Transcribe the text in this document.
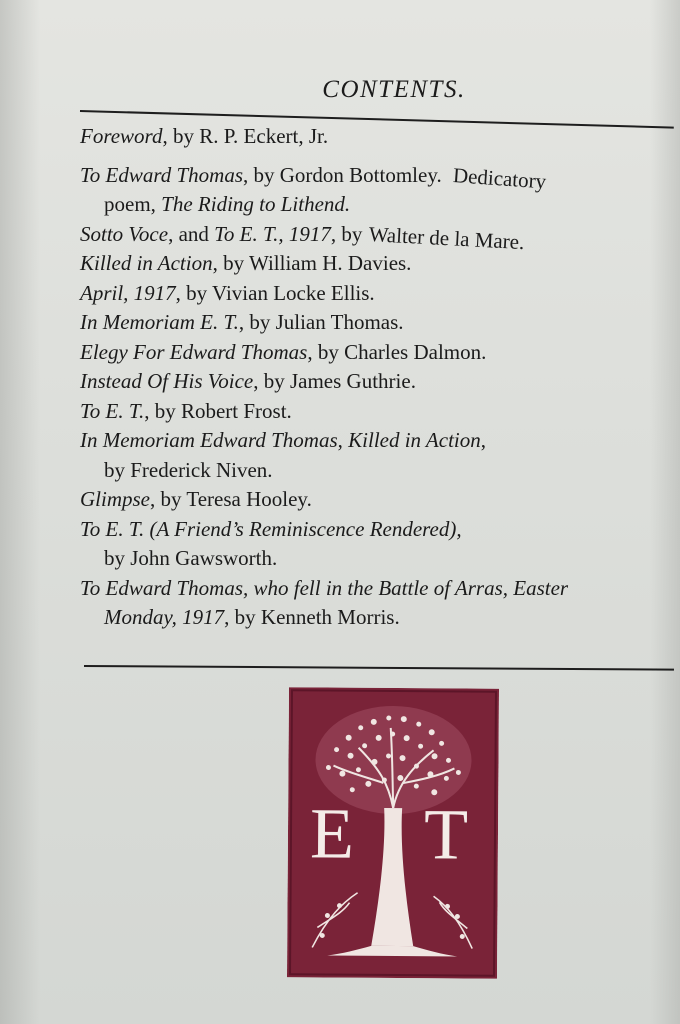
CONTENTS.
Foreword, by R. P. Eckert, Jr.
To Edward Thomas, by Gordon Bottomley. Dedicatory
poem, The Riding to Lithend.
Sotto Voce, and To E. T., 1917, by Walter de la Mare.
Killed in Action, by William H. Davies.
April, 1917, by Vivian Locke Ellis.
In Memoriam E. T., by Julian Thomas.
Elegy For Edward Thomas, by Charles Dalmon.
Instead Of His Voice, by James Guthrie.
To E. T., by Robert Frost.
In Memoriam Edward Thomas, Killed in Action,
by Frederick Niven.
Glimpse, by Teresa Hooley.
To E. T. (A Friend’s Reminiscence Rendered),
by John Gawsworth.
To Edward Thomas, who fell in the Battle of Arras, Easter
Monday, 1917, by Kenneth Morris.
E T
